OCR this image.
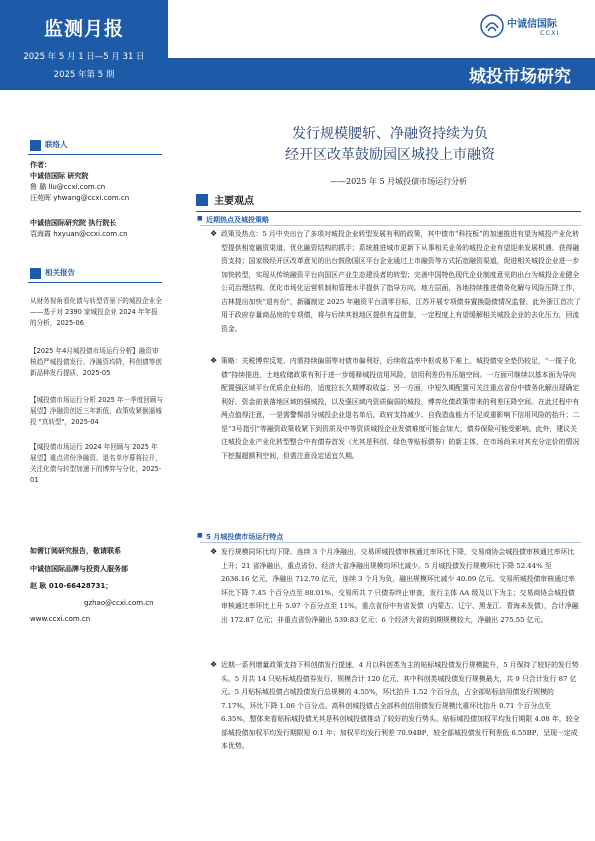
监测月报
2025 年 5 月 1 日—5 月 31 日
2025 年第 5 期	城投市场研究
中诚信国际
CCXI
联络人
作者：
中诚信国际 研究院
鲁 璐 llu@ccxi.com.cn
汪苑晖 yhwang@ccxi.com.cn
中诚信国际研究院 执行院长
袁海霞 hxyuan@ccxi.com.cn
相关报告
从财务视角看化债与转型背景下的城投企业全——基于对 2390 家城投企业 2024 年年报的分析，2025-06
【2025 年4月城投债市场运行分析】融资审核趋严城投债发行、净融资均降，科创债等创新品种发行提质，2025-05
【城投债市场运行分析 2025 年一季度回顾与展望】净融资创近三年新低，政策收紧倒逼城投 "真转型"，2025-04
【城投债市场运行 2024 年回顾与 2025 年展望】重点省份净融资、退名单序幕将拉开，关注化债与转型加速下的博弈与分化，2025-01
如需订阅研究报告，敬请联系
中诚信国际品牌与投资人服务部
赵 耿 010-66428731；
gzhao@ccxi.com.cn
www.ccxi.com.cn
发行规模腰斩、净融资持续为负
经开区改革鼓励园区城投上市融资
——2025 年 5 月城投债市场运行分析
主要观点
■ 近期热点及城投策略
❖ 政策及热点：5 月中央出台了多项对城投企业转型发展有利的政策，其中债市“科技板”的加速推进有望为城投产业化转型提供相宽融资渠道、优化融资结构的抓手；系统推进城市更新下从事相关业务的城投企业有望迎来发展机遇、获得融资支持；国家级经开区改革意见的出台鼓励国区平台企业通过上市融资等方式拓宽融资渠道，促进相关城投企业进一步加快转型，实现从传统融资平台向国区产业生态建设者的转型；完善中国特色现代企业制度意见的出台为城投企业健全公司治理结构、优化市场化运营机制和管理水平提供了指导方向。地方层面，各地持续推进债务化解与风险压降工作，吉林提出加快“退有份”，新疆制定 2025 年融资平台清零目标，江苏开展专项债券置换隐债情况监督，此外浙江首次了用于政府存量商品房的专项债，将与后续其他地区提供有益借鉴，一定程度上有望缓解相关城投企业的去化压力，回流资金。
❖ 策略：关税博弈反复、内需持续偏弱等对债市偏利好，后续收益率中枢或易下难上。城投债安全垫仍较足，“一揽子化债”持续推进，土地收储政策有利于进一步缓释城投信用风险，信用利差仍有压缩空间。一方面可继续以基本面为导向配置强区域平台优质企业标的，适度拉长久期博取收益；另一方面，中短久期配置可关注重点省份中债务化解出现确定利好、资金前景落地区域的强城投，以及强区域内资质偏弱的城投，博弈化债政策带来的利差压降空间。在此过程中有两点值得注意，一是需警惕部分城投企业退名单后，政府支持减少、自我造血能力不足或重影响下信用风险的抬升；二是“3号指引”等融资政策收紧下到资质及中等资质城投企业发债难度可能会加大，债券保险可能受影响。此外，建议关注城投企业产业化转型整合中有债券首发（尤其是科创、绿色等贴标债券）的新主体，在市场尚未对其充分定价的情况下挖掘超额利空间，但需注意设定适宜久期。
■ 5 月城投债市场运行特点
❖ 发行规模同环比均下降、连续 3 个月净融出，交易所城投债审核通过率环比下降，交易商协会城投债审核通过率环比上升；21 省净融出，重点省份、经济大省净融出规模均环比减少。5 月城投债发行规模环比下降 52.44% 至 2636.16 亿元，净融出 712.70 亿元，连续 3 个月为负，融出规模环比减少 40.09 亿元。交易所城投债审核通过率环比下降 7.45 个百分点至 88.01%，交易所共 7 只债券终止审查，发行主体 AA 级及以下为主；交易商协会城投债审核通过率环比上升 5.97 个百分点至 11%。重点省份中有省发债（内蒙古、辽宁、黑龙江、青海未发债），合计净融出 172.87 亿元；非重点省份净融出 539.83 亿元；6 个经济大省的到期规模较大，净融出 275.55 亿元。
❖ 近期一系列增量政策支持下科创债发行提速，4 月以科创类为主的贴标城投债发行规模陡升，5 月保持了较好的发行势头。5 月共 14 只贴标城投债券发行，规模合计 120 亿元，其中科创类城投债发行规模最大，共 9 只合计发行 87 亿元。5 月贴标城投债占城投债发行总规模的 4.55%，环比抬升 1.52 个百分点，占全部贴标信用债发行规模的 7.17%，环比下降 1.06 个百分点。高科创城投债占全部科创信用债发行规模比重环比抬升 0.71 个百分点至 6.35%，整体来看贴标城投债尤其是科创城投债推动了较好的发行势头。贴标城投债加权平均发行期限 4.08 年，较全部城投债加权平均发行期限短 0.1 年；加权平均发行利差 70.94BP，较全部城投债发行利差低 6.55BP，呈现一定成本优势。
